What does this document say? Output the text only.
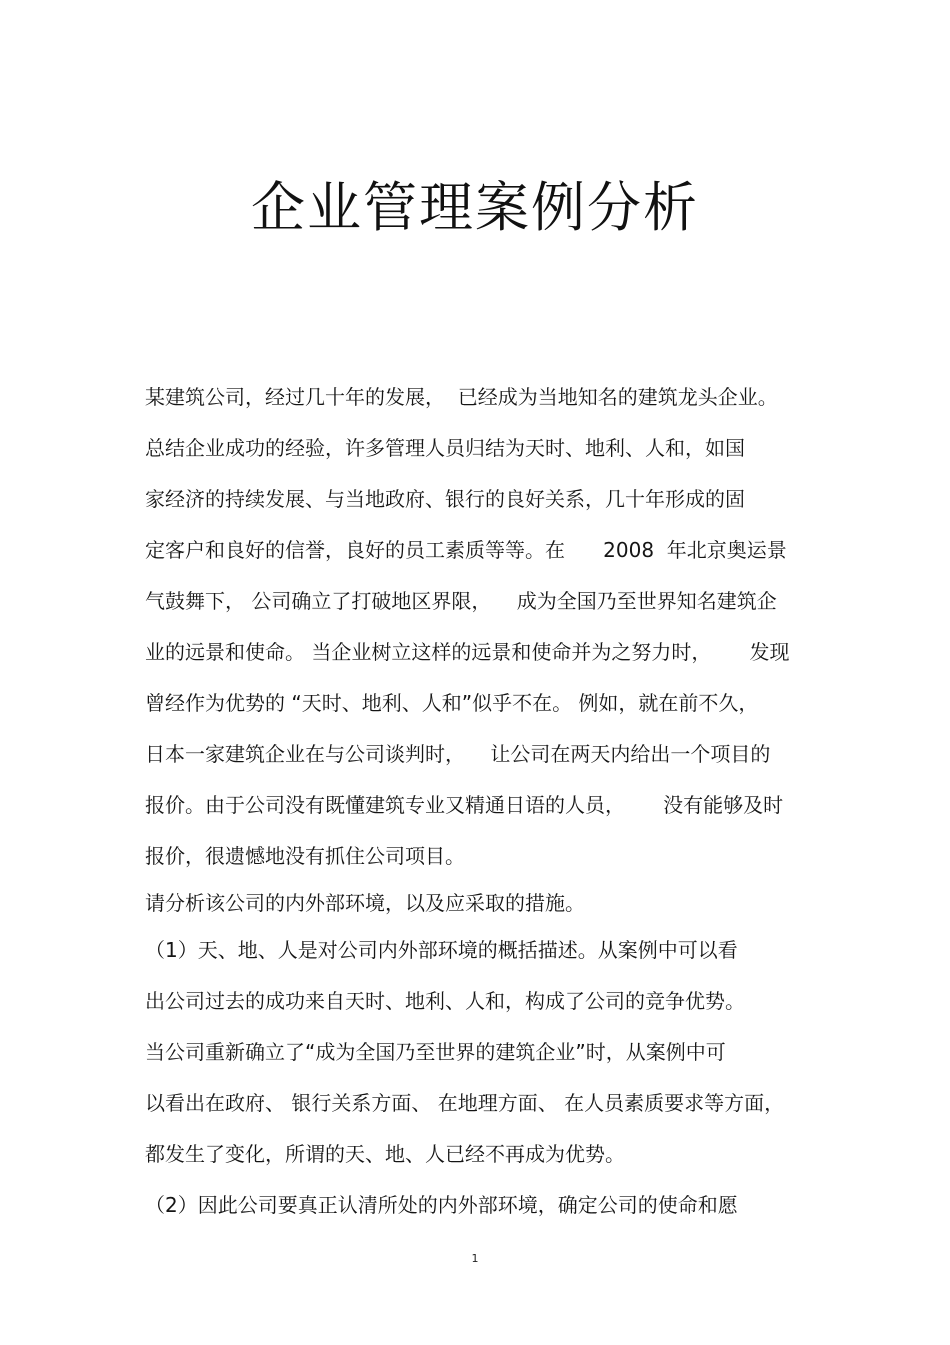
企业管理案例分析
某建筑公司，经过几十年的发展，  已经成为当地知名的建筑龙头企业。
总结企业成功的经验，许多管理人员归结为天时、地利、人和，如国
家经济的持续发展、与当地政府、银行的良好关系，几十年形成的固
定客户和良好的信誉，良好的员工素质等等。在      2008  年北京奥运景
气鼓舞下， 公司确立了打破地区界限，    成为全国乃至世界知名建筑企
业的远景和使命。 当企业树立这样的远景和使命并为之努力时，      发现
曾经作为优势的 “天时、地利、人和”似乎不在。 例如，就在前不久，
日本一家建筑企业在与公司谈判时，    让公司在两天内给出一个项目的
报价。由于公司没有既懂建筑专业又精通日语的人员，      没有能够及时
报价，很遗憾地没有抓住公司项目。
请分析该公司的内外部环境，以及应采取的措施。
（1）天、地、人是对公司内外部环境的概括描述。从案例中可以看
出公司过去的成功来自天时、地利、人和，构成了公司的竞争优势。
当公司重新确立了“成为全国乃至世界的建筑企业”时，从案例中可
以看出在政府、 银行关系方面、 在地理方面、 在人员素质要求等方面，
都发生了变化，所谓的天、地、人已经不再成为优势。
（2）因此公司要真正认清所处的内外部环境，确定公司的使命和愿
1
